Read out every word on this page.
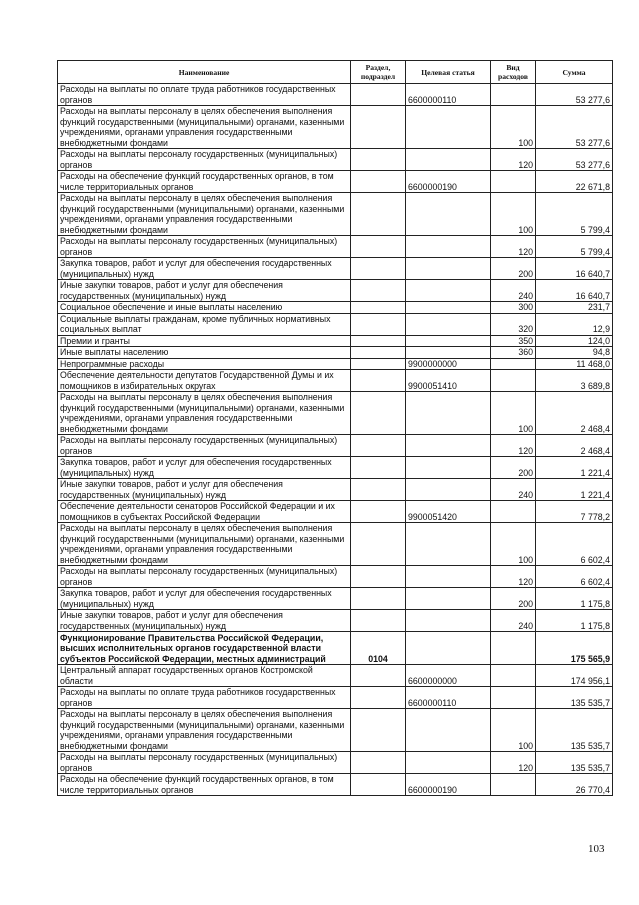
Наименование	Раздел, подраздел	Целевая статья	Вид расходов	Сумма
Расходы на выплаты по оплате труда работников государственных органов		6600000110		53 277,6
Расходы на выплаты персоналу в целях обеспечения выполнения функций государственными (муниципальными) органами, казенными учреждениями, органами управления государственными внебюджетными фондами			100	53 277,6
Расходы на выплаты персоналу государственных (муниципальных) органов			120	53 277,6
Расходы на обеспечение функций государственных органов, в том числе территориальных органов		6600000190		22 671,8
Расходы на выплаты персоналу в целях обеспечения выполнения функций государственными (муниципальными) органами, казенными учреждениями, органами управления государственными внебюджетными фондами			100	5 799,4
Расходы на выплаты персоналу государственных (муниципальных) органов			120	5 799,4
Закупка товаров, работ и услуг для обеспечения государственных (муниципальных) нужд			200	16 640,7
Иные закупки товаров, работ и услуг для обеспечения государственных (муниципальных) нужд			240	16 640,7
Социальное обеспечение и иные выплаты населению			300	231,7
Социальные выплаты гражданам, кроме публичных нормативных социальных выплат			320	12,9
Премии и гранты			350	124,0
Иные выплаты населению			360	94,8
Непрограммные расходы		9900000000		11 468,0
Обеспечение деятельности депутатов Государственной Думы и их помощников в избирательных округах		9900051410		3 689,8
Расходы на выплаты персоналу в целях обеспечения выполнения функций государственными (муниципальными) органами, казенными учреждениями, органами управления государственными внебюджетными фондами			100	2 468,4
Расходы на выплаты персоналу государственных (муниципальных) органов			120	2 468,4
Закупка товаров, работ и услуг для обеспечения государственных (муниципальных) нужд			200	1 221,4
Иные закупки товаров, работ и услуг для обеспечения государственных (муниципальных) нужд			240	1 221,4
Обеспечение деятельности сенаторов Российской Федерации и их помощников в субъектах Российской Федерации		9900051420		7 778,2
Расходы на выплаты персоналу в целях обеспечения выполнения функций государственными (муниципальными) органами, казенными учреждениями, органами управления государственными внебюджетными фондами			100	6 602,4
Расходы на выплаты персоналу государственных (муниципальных) органов			120	6 602,4
Закупка товаров, работ и услуг для обеспечения государственных (муниципальных) нужд			200	1 175,8
Иные закупки товаров, работ и услуг для обеспечения государственных (муниципальных) нужд			240	1 175,8
Функционирование Правительства Российской Федерации, высших исполнительных органов государственной власти субъектов Российской Федерации, местных администраций	0104			175 565,9
Центральный аппарат государственных органов Костромской области		6600000000		174 956,1
Расходы на выплаты по оплате труда работников государственных органов		6600000110		135 535,7
Расходы на выплаты персоналу в целях обеспечения выполнения функций государственными (муниципальными) органами, казенными учреждениями, органами управления государственными внебюджетными фондами			100	135 535,7
Расходы на выплаты персоналу государственных (муниципальных) органов			120	135 535,7
Расходы на обеспечение функций государственных органов, в том числе территориальных органов		6600000190		26 770,4
103
